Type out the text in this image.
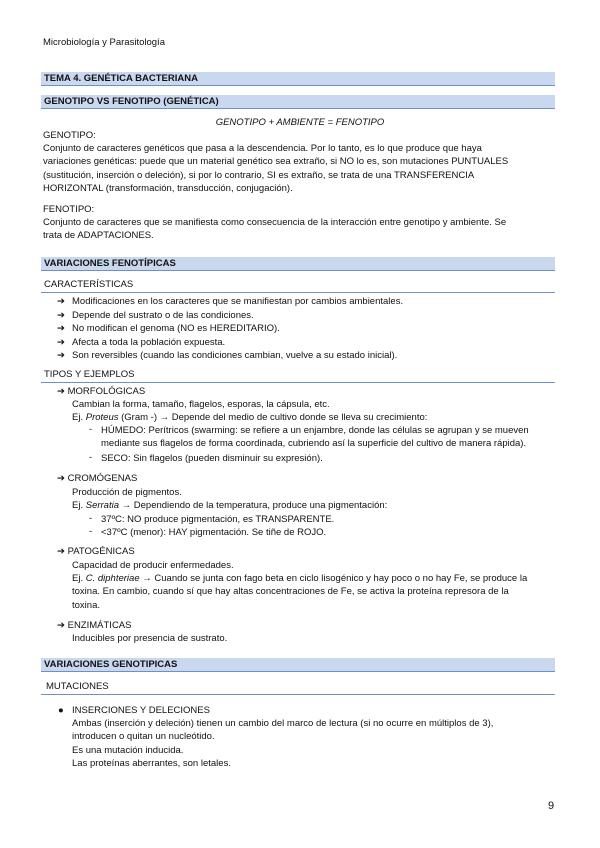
Microbiología y Parasitología
TEMA 4. GENÉTICA BACTERIANA
GENOTIPO VS FENOTIPO (GENÉTICA)
GENOTIPO + AMBIENTE = FENOTIPO
GENOTIPO:
Conjunto de caracteres genéticos que pasa a la descendencia. Por lo tanto, es lo que produce que haya
variaciones genéticas: puede que un material genético sea extraño, si NO lo es, son mutaciones PUNTUALES
(sustitución, inserción o deleción), si por lo contrario, SI es extraño, se trata de una TRANSFERENCIA
HORIZONTAL (transformación, transducción, conjugación).
FENOTIPO:
Conjunto de caracteres que se manifiesta como consecuencia de la interacción entre genotipo y ambiente. Se
trata de ADAPTACIONES.
VARIACIONES FENOTÍPICAS
CARACTERÍSTICAS
➔ Modificaciones en los caracteres que se manifiestan por cambios ambientales.
➔ Depende del sustrato o de las condiciones.
➔ No modifican el genoma (NO es HEREDITARIO).
➔ Afecta a toda la población expuesta.
➔ Son reversibles (cuando las condiciones cambian, vuelve a su estado inicial).
TIPOS Y EJEMPLOS
➔ MORFOLÓGICAS
Cambian la forma, tamaño, flagelos, esporas, la cápsula, etc.
Ej. Proteus (Gram -) → Depende del medio de cultivo donde se lleva su crecimiento:
- HÚMEDO: Perítricos (swarming: se refiere a un enjambre, donde las células se agrupan y se mueven
mediante sus flagelos de forma coordinada, cubriendo así la superficie del cultivo de manera rápida).
- SECO: Sin flagelos (pueden disminuir su expresión).
➔ CROMÓGENAS
Producción de pigmentos.
Ej. Serratia → Dependiendo de la temperatura, produce una pigmentación:
- 37ºC: NO produce pigmentación, es TRANSPARENTE.
- <37ºC (menor): HAY pigmentación. Se tiñe de ROJO.
➔ PATOGÉNICAS
Capacidad de producir enfermedades.
Ej. C. diphteriae → Cuando se junta con fago beta en ciclo lisogénico y hay poco o no hay Fe, se produce la
toxina. En cambio, cuando sí que hay altas concentraciones de Fe, se activa la proteína represora de la
toxina.
➔ ENZIMÁTICAS
Inducibles por presencia de sustrato.
VARIACIONES GENOTIPICAS
MUTACIONES
● INSERCIONES Y DELECIONES
Ambas (inserción y deleción) tienen un cambio del marco de lectura (si no ocurre en múltiplos de 3),
introducen o quitan un nucleótido.
Es una mutación inducida.
Las proteínas aberrantes, son letales.
9
